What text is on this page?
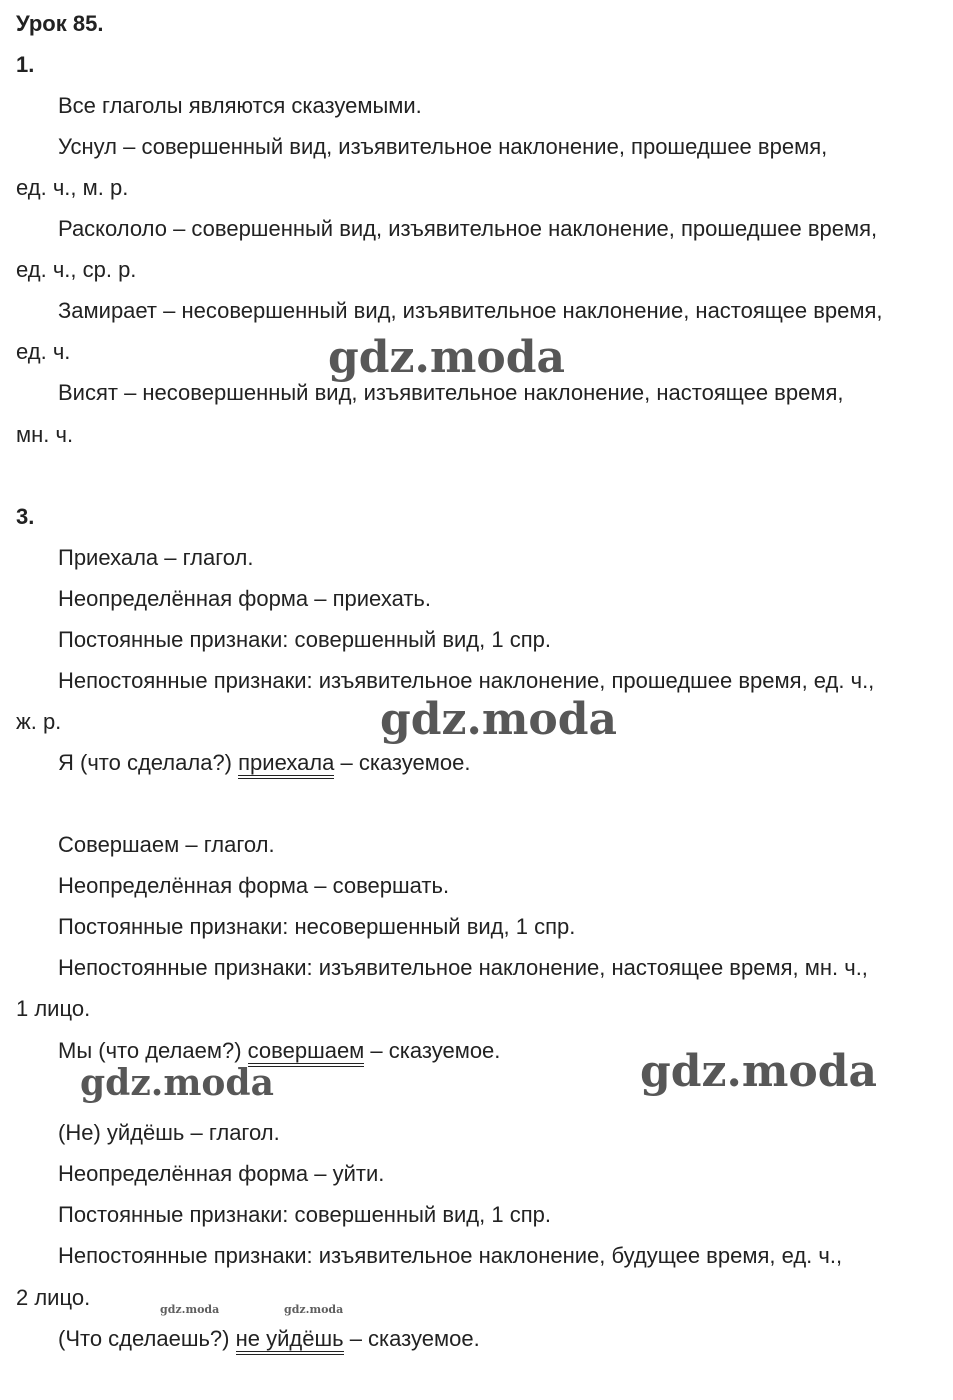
Урок 85.
1.
Все глаголы являются сказуемыми.
Уснул – совершенный вид, изъявительное наклонение, прошедшее время,
ед. ч., м. р.
Раскололо – совершенный вид, изъявительное наклонение, прошедшее время,
ед. ч., ср. р.
Замирает – несовершенный вид, изъявительное наклонение, настоящее время,
ед. ч.
Висят – несовершенный вид, изъявительное наклонение, настоящее время,
мн. ч.
3.
Приехала – глагол.
Неопределённая форма – приехать.
Постоянные признаки: совершенный вид, 1 спр.
Непостоянные признаки: изъявительное наклонение, прошедшее время, ед. ч.,
ж. р.
Я (что сделала?) приехала – сказуемое.
Совершаем – глагол.
Неопределённая форма – совершать.
Постоянные признаки: несовершенный вид, 1 спр.
Непостоянные признаки: изъявительное наклонение, настоящее время, мн. ч.,
1 лицо.
Мы (что делаем?) совершаем – сказуемое.
(Не) уйдёшь – глагол.
Неопределённая форма – уйти.
Постоянные признаки: совершенный вид, 1 спр.
Непостоянные признаки: изъявительное наклонение, будущее время, ед. ч.,
2 лицо.
(Что сделаешь?) не уйдёшь – сказуемое.
gdz.moda
gdz.moda
gdz.moda
gdz.moda
gdz.moda	gdz.moda
